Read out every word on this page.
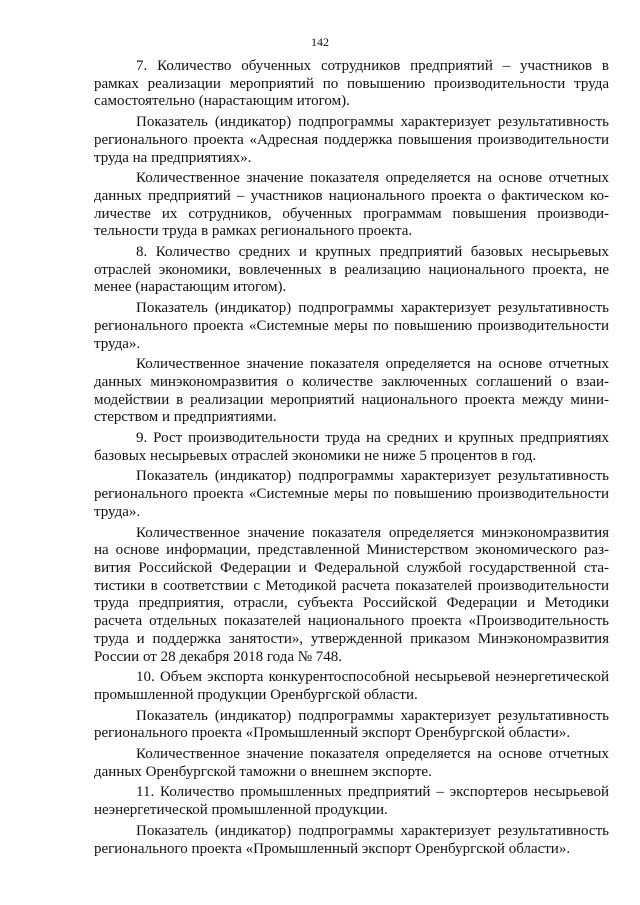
142

7. Количество обученных сотрудников предприятий – участников в рамках реализации мероприятий по повышению производительности труда самостоятельно (нарастающим итогом).

Показатель (индикатор) подпрограммы характеризует результативность регионального проекта «Адресная поддержка повышения производительности труда на предприятиях».

Количественное значение показателя определяется на основе отчетных данных предприятий – участников национального проекта о фактическом количестве их сотрудников, обученных программам повышения производительности труда в рамках регионального проекта.

8. Количество средних и крупных предприятий базовых несырьевых отраслей экономики, вовлеченных в реализацию национального проекта, не менее (нарастающим итогом).

Показатель (индикатор) подпрограммы характеризует результативность регионального проекта «Системные меры по повышению производительности труда».

Количественное значение показателя определяется на основе отчетных данных минэкономразвития о количестве заключенных соглашений о взаимодействии в реализации мероприятий национального проекта между министерством и предприятиями.

9. Рост производительности труда на средних и крупных предприятиях базовых несырьевых отраслей экономики не ниже 5 процентов в год.

Показатель (индикатор) подпрограммы характеризует результативность регионального проекта «Системные меры по повышению производительности труда».

Количественное значение показателя определяется минэкономразвития на основе информации, представленной Министерством экономического развития Российской Федерации и Федеральной службой государственной статистики в соответствии с Методикой расчета показателей производительности труда предприятия, отрасли, субъекта Российской Федерации и Методики расчета отдельных показателей национального проекта «Производительность труда и поддержка занятости», утвержденной приказом Минэкономразвития России от 28 декабря 2018 года № 748.

10. Объем экспорта конкурентоспособной несырьевой неэнергетической промышленной продукции Оренбургской области.

Показатель (индикатор) подпрограммы характеризует результативность регионального проекта «Промышленный экспорт Оренбургской области».

Количественное значение показателя определяется на основе отчетных данных Оренбургской таможни о внешнем экспорте.

11. Количество промышленных предприятий – экспортеров несырьевой неэнергетической промышленной продукции.

Показатель (индикатор) подпрограммы характеризует результативность регионального проекта «Промышленный экспорт Оренбургской области».
